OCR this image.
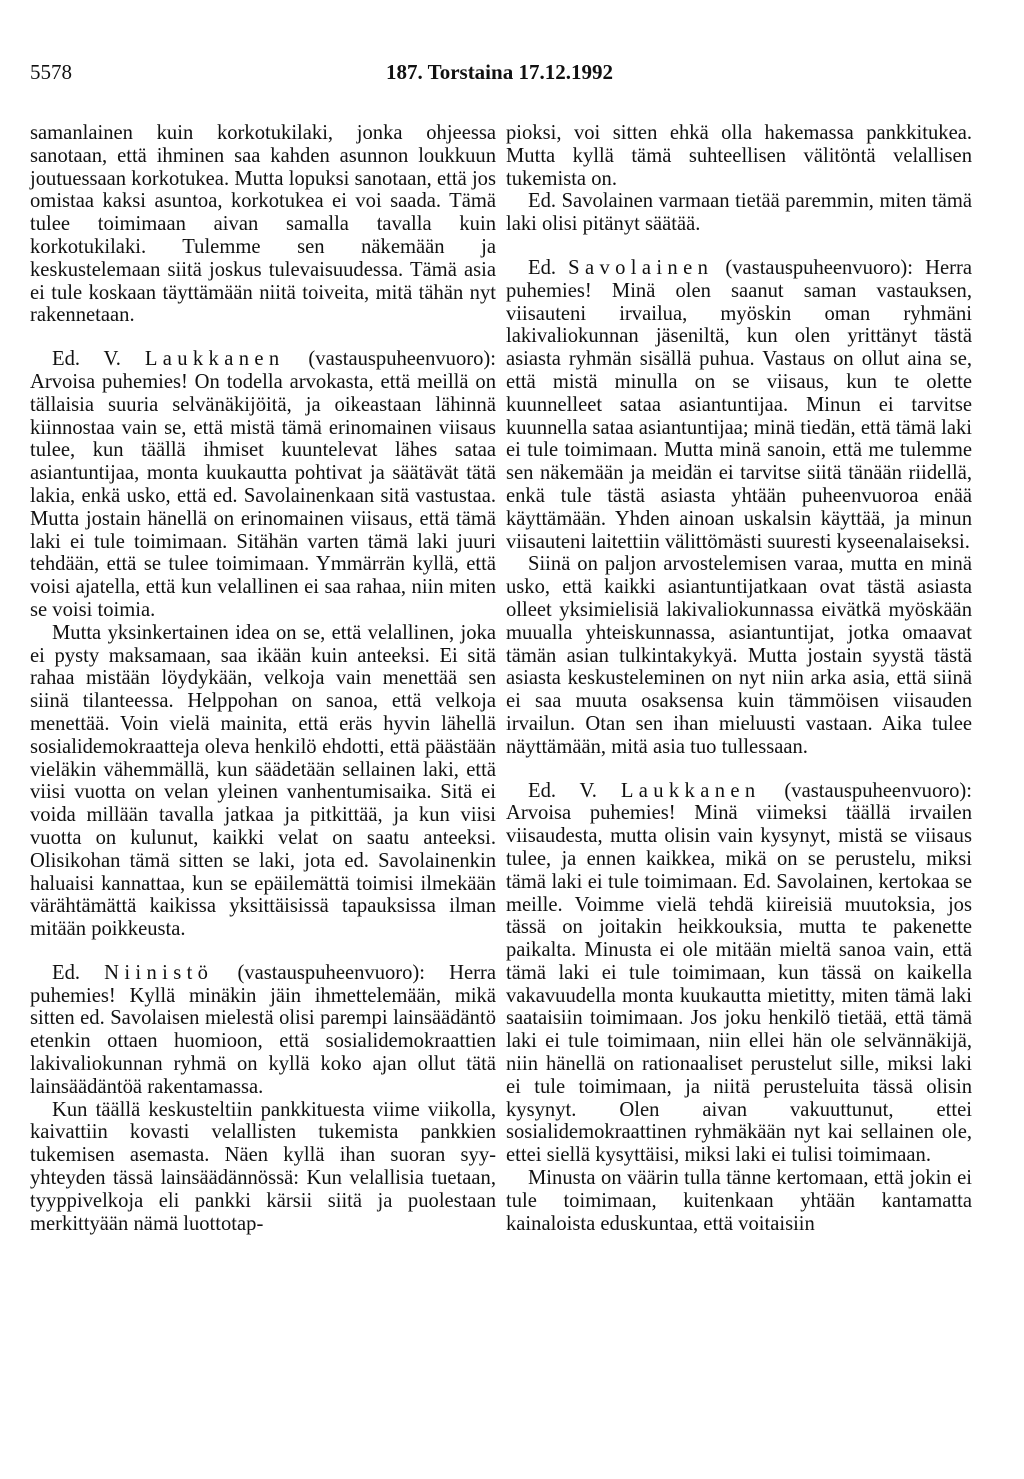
5578	187. Torstaina 17.12.1992

samanlainen kuin korkotukilaki, jonka ohjeessa sanotaan, että ihminen saa kahden asunnon loukkuun joutuessaan korkotukea. Mutta lopuksi sanotaan, että jos omistaa kaksi asuntoa, korkotukea ei voi saada. Tämä tulee toimimaan aivan samalla tavalla kuin korkotukilaki. Tulemme sen näkemään ja keskustelemaan siitä joskus tulevaisuudessa. Tämä asia ei tule koskaan täyttämään niitä toiveita, mitä tähän nyt rakennetaan.

Ed. V. Laukkanen (vastauspuheenvuoro): Arvoisa puhemies! On todella arvokasta, että meillä on tällaisia suuria selvänäkijöitä, ja oikeastaan lähinnä kiinnostaa vain se, että mistä tämä erinomainen viisaus tulee, kun täällä ihmiset kuuntelevat lähes sataa asiantuntijaa, monta kuukautta pohtivat ja säätävät tätä lakia, enkä usko, että ed. Savolainenkaan sitä vastustaa. Mutta jostain hänellä on erinomainen viisaus, että tämä laki ei tule toimimaan. Sitähän varten tämä laki juuri tehdään, että se tulee toimimaan. Ymmärrän kyllä, että voisi ajatella, että kun velallinen ei saa rahaa, niin miten se voisi toimia.

Mutta yksinkertainen idea on se, että velallinen, joka ei pysty maksamaan, saa ikään kuin anteeksi. Ei sitä rahaa mistään löydykään, velkoja vain menettää sen siinä tilanteessa. Helppohan on sanoa, että velkoja menettää. Voin vielä mainita, että eräs hyvin lähellä sosialidemokraatteja oleva henkilö ehdotti, että päästään vieläkin vähemmällä, kun säädetään sellainen laki, että viisi vuotta on velan yleinen vanhentumisaika. Sitä ei voida millään tavalla jatkaa ja pitkittää, ja kun viisi vuotta on kulunut, kaikki velat on saatu anteeksi. Olisikohan tämä sitten se laki, jota ed. Savolainenkin haluaisi kannattaa, kun se epäilemättä toimisi ilmekään värähtämättä kaikissa yksittäisissä tapauksissa ilman mitään poikkeusta.

Ed. Niinistö (vastauspuheenvuoro): Herra puhemies! Kyllä minäkin jäin ihmettelemään, mikä sitten ed. Savolaisen mielestä olisi parempi lainsäädäntö etenkin ottaen huomioon, että sosialidemokraattien lakivaliokunnan ryhmä on kyllä koko ajan ollut tätä lainsäädäntöä rakentamassa.

Kun täällä keskusteltiin pankkituesta viime viikolla, kaivattiin kovasti velallisten tukemista pankkien tukemisen asemasta. Näen kyllä ihan suoran syy-yhteyden tässä lainsäädännössä: Kun velallisia tuetaan, tyyppivelkoja eli pankki kärsii siitä ja puolestaan merkittyään nämä luottotap-

pioksi, voi sitten ehkä olla hakemassa pankkitukea. Mutta kyllä tämä suhteellisen välitöntä velallisen tukemista on.

Ed. Savolainen varmaan tietää paremmin, miten tämä laki olisi pitänyt säätää.

Ed. Savolainen (vastauspuheenvuoro): Herra puhemies! Minä olen saanut saman vastauksen, viisauteni irvailua, myöskin oman ryhmäni lakivaliokunnan jäseniltä, kun olen yrittänyt tästä asiasta ryhmän sisällä puhua. Vastaus on ollut aina se, että mistä minulla on se viisaus, kun te olette kuunnelleet sataa asiantuntijaa. Minun ei tarvitse kuunnella sataa asiantuntijaa; minä tiedän, että tämä laki ei tule toimimaan. Mutta minä sanoin, että me tulemme sen näkemään ja meidän ei tarvitse siitä tänään riidellä, enkä tule tästä asiasta yhtään puheenvuoroa enää käyttämään. Yhden ainoan uskalsin käyttää, ja minun viisauteni laitettiin välittömästi suuresti kyseenalaiseksi.

Siinä on paljon arvostelemisen varaa, mutta en minä usko, että kaikki asiantuntijatkaan ovat tästä asiasta olleet yksimielisiä lakivaliokunnassa eivätkä myöskään muualla yhteiskunnassa, asiantuntijat, jotka omaavat tämän asian tulkintakykyä. Mutta jostain syystä tästä asiasta keskusteleminen on nyt niin arka asia, että siinä ei saa muuta osaksensa kuin tämmöisen viisauden irvailun. Otan sen ihan mieluusti vastaan. Aika tulee näyttämään, mitä asia tuo tullessaan.

Ed. V. Laukkanen (vastauspuheenvuoro): Arvoisa puhemies! Minä viimeksi täällä irvailen viisaudesta, mutta olisin vain kysynyt, mistä se viisaus tulee, ja ennen kaikkea, mikä on se perustelu, miksi tämä laki ei tule toimimaan. Ed. Savolainen, kertokaa se meille. Voimme vielä tehdä kiireisiä muutoksia, jos tässä on joitakin heikkouksia, mutta te pakenette paikalta. Minusta ei ole mitään mieltä sanoa vain, että tämä laki ei tule toimimaan, kun tässä on kaikella vakavuudella monta kuukautta mietitty, miten tämä laki saataisiin toimimaan. Jos joku henkilö tietää, että tämä laki ei tule toimimaan, niin ellei hän ole selvännäkijä, niin hänellä on rationaaliset perustelut sille, miksi laki ei tule toimimaan, ja niitä perusteluita tässä olisin kysynyt. Olen aivan vakuuttunut, ettei sosialidemokraattinen ryhmäkään nyt kai sellainen ole, ettei siellä kysyttäisi, miksi laki ei tulisi toimimaan.

Minusta on väärin tulla tänne kertomaan, että jokin ei tule toimimaan, kuitenkaan yhtään kantamatta kainaloista eduskuntaa, että voitaisiin
